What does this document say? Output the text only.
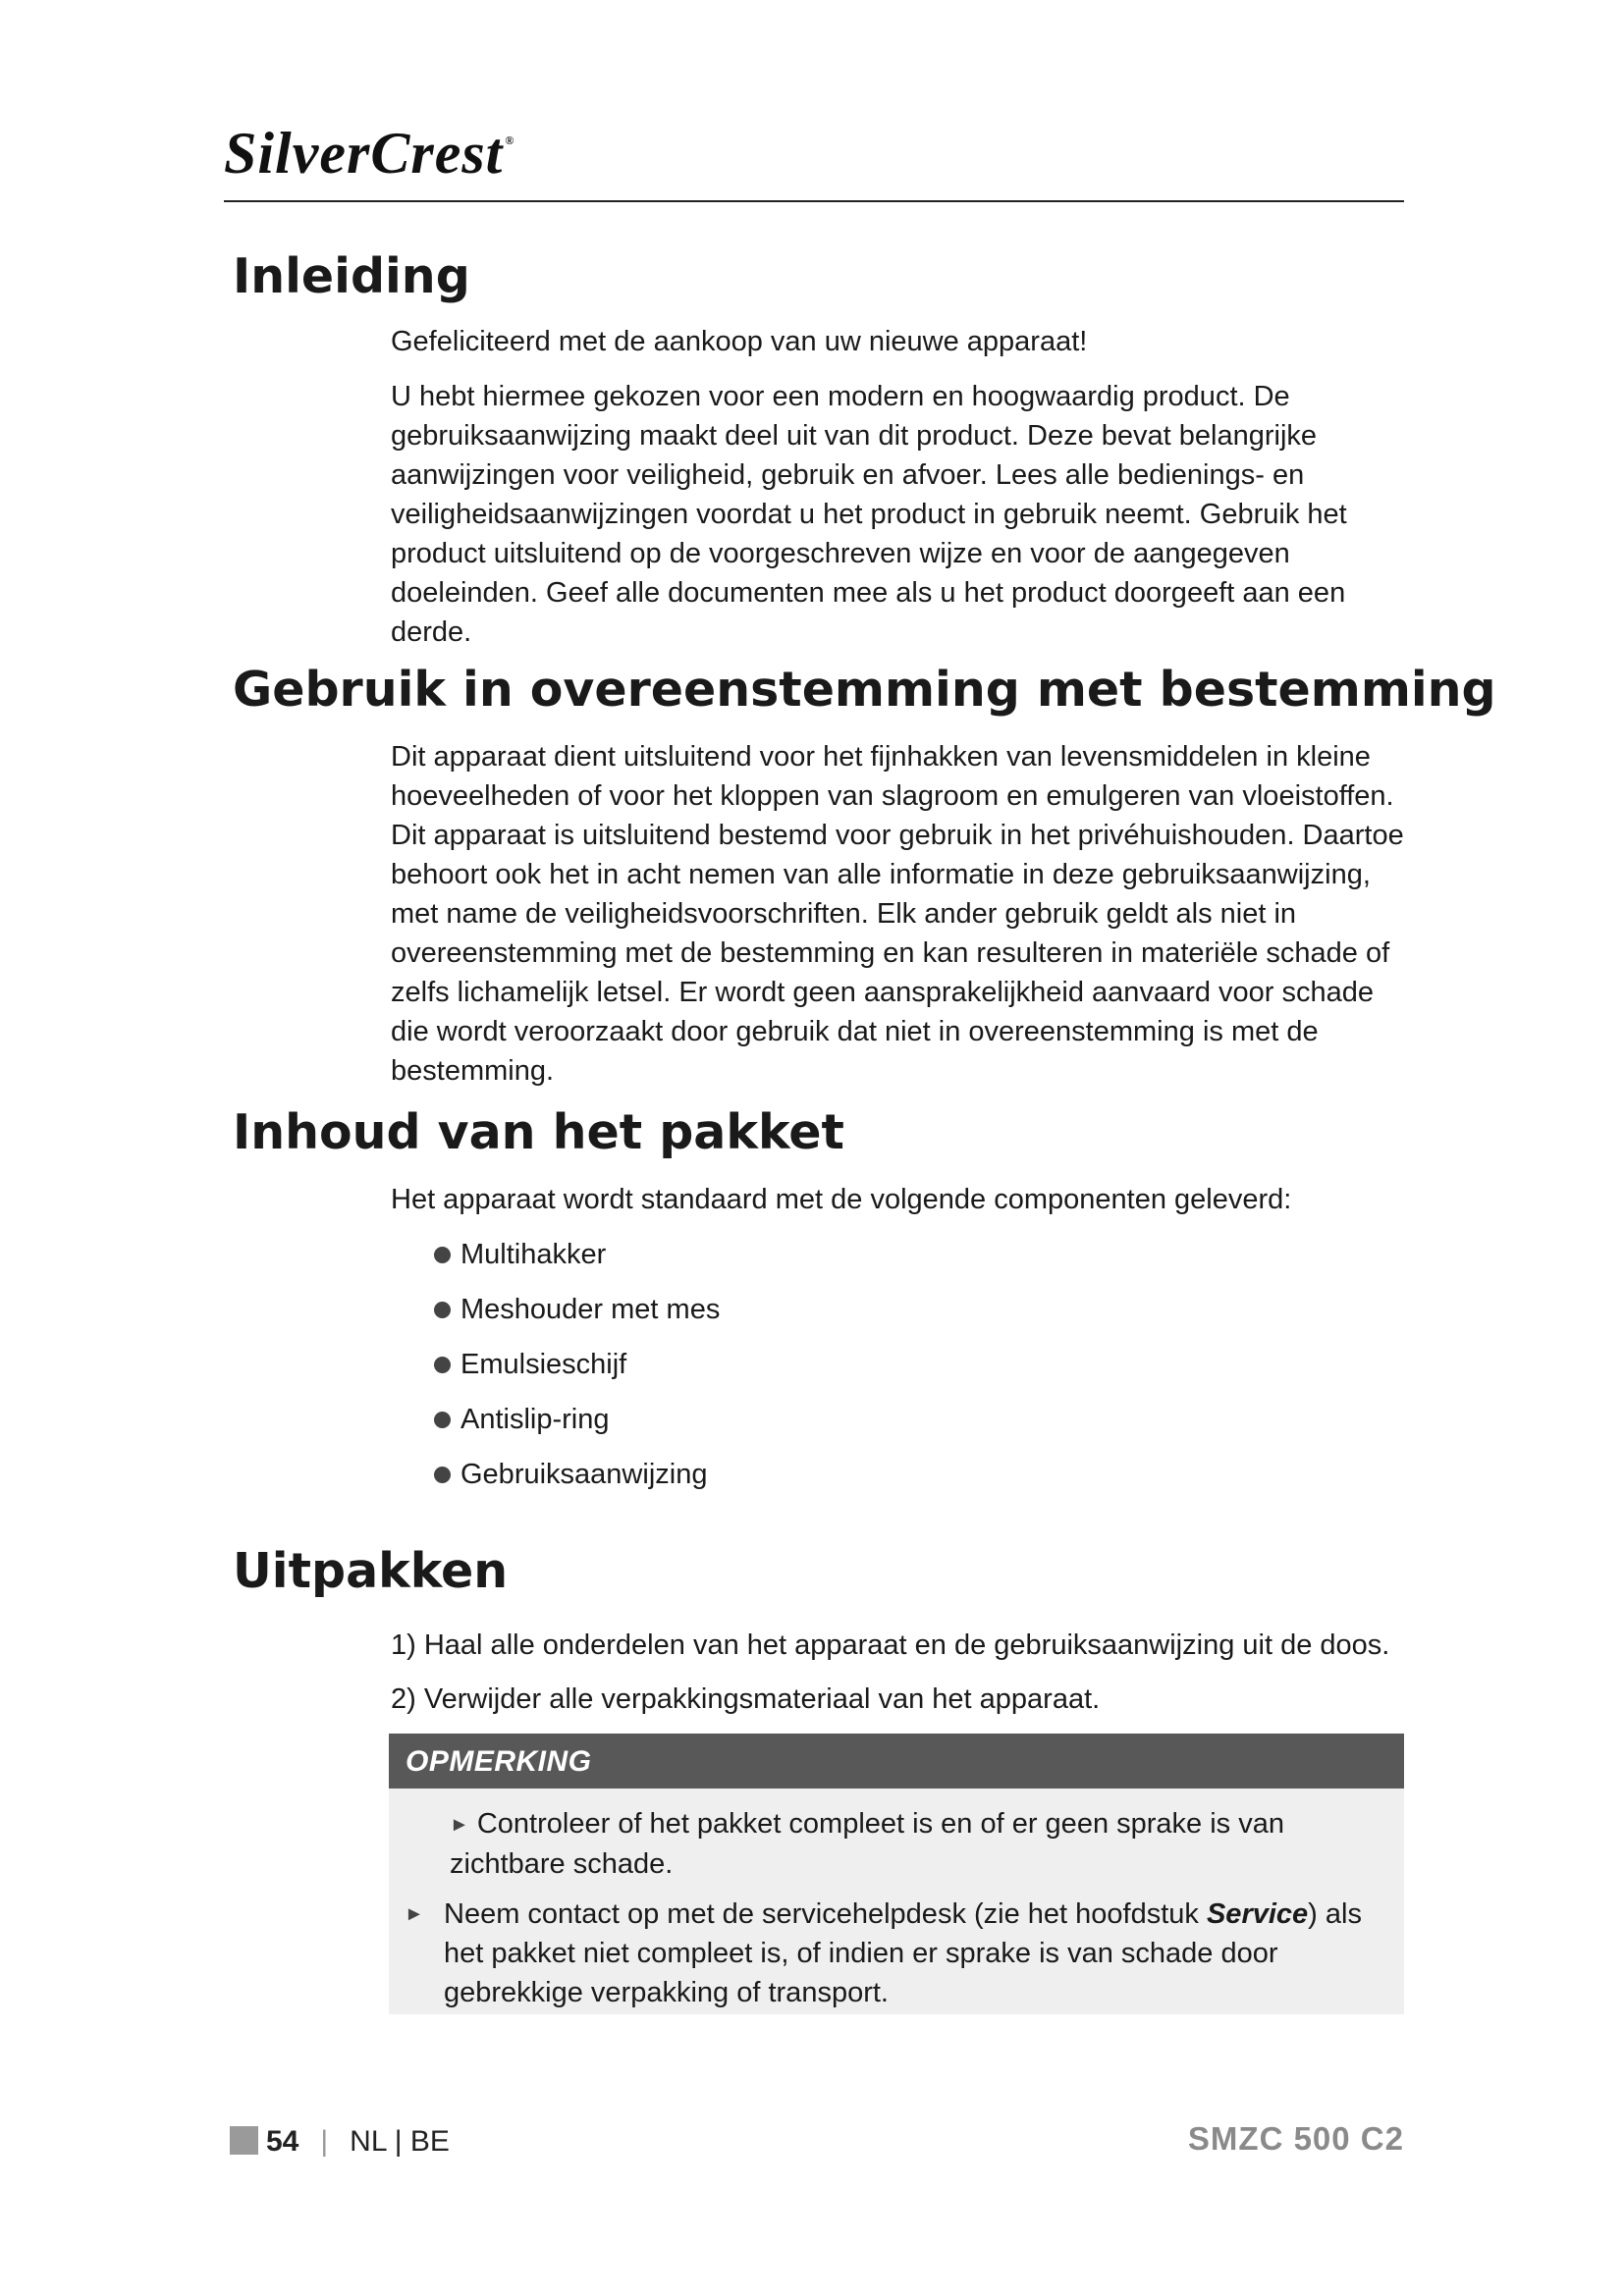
SilverCrest ®
Inleiding

Gefeliciteerd met de aankoop van uw nieuwe apparaat!

U hebt hiermee gekozen voor een modern en hoogwaardig product. De gebruiksaanwijzing maakt deel uit van dit product. Deze bevat belangrijke aanwijzingen voor veiligheid, gebruik en afvoer. Lees alle bedienings- en veiligheidsaanwijzingen voordat u het product in gebruik neemt. Gebruik het product uitsluitend op de voorgeschreven wijze en voor de aangegeven doeleinden. Geef alle documenten mee als u het product doorgeeft aan een derde.

Gebruik in overeenstemming met bestemming

Dit apparaat dient uitsluitend voor het fijnhakken van levensmiddelen in kleine hoeveelheden of voor het kloppen van slagroom en emulgeren van vloeistoffen. Dit apparaat is uitsluitend bestemd voor gebruik in het privéhuishouden. Daartoe behoort ook het in acht nemen van alle informatie in deze gebruiksaanwijzing, met name de veiligheidsvoorschriften. Elk ander gebruik geldt als niet in overeenstemming met de bestemming en kan resulteren in materiële schade of zelfs lichamelijk letsel. Er wordt geen aansprakelijkheid aanvaard voor schade die wordt veroorzaakt door gebruik dat niet in overeenstemming is met de bestemming.

Inhoud van het pakket

Het apparaat wordt standaard met de volgende componenten geleverd:

Multihakker
Meshouder met mes
Emulsieschijf
Antislip-ring
Gebruiksaanwijzing
Uitpakken
1) Haal alle onderdelen van het apparaat en de gebruiksaanwijzing uit de doos.
2) Verwijder alle verpakkingsmateriaal van het apparaat.
OPMERKING
► Controleer of het pakket compleet is en of er geen sprake is van zichtbare schade.
► Neem contact op met de servicehelpdesk (zie het hoofdstuk Service) als het pakket niet compleet is, of indien er sprake is van schade door gebrekkige verpakking of transport.
54 | NL | BE	SMZC 500 C2
